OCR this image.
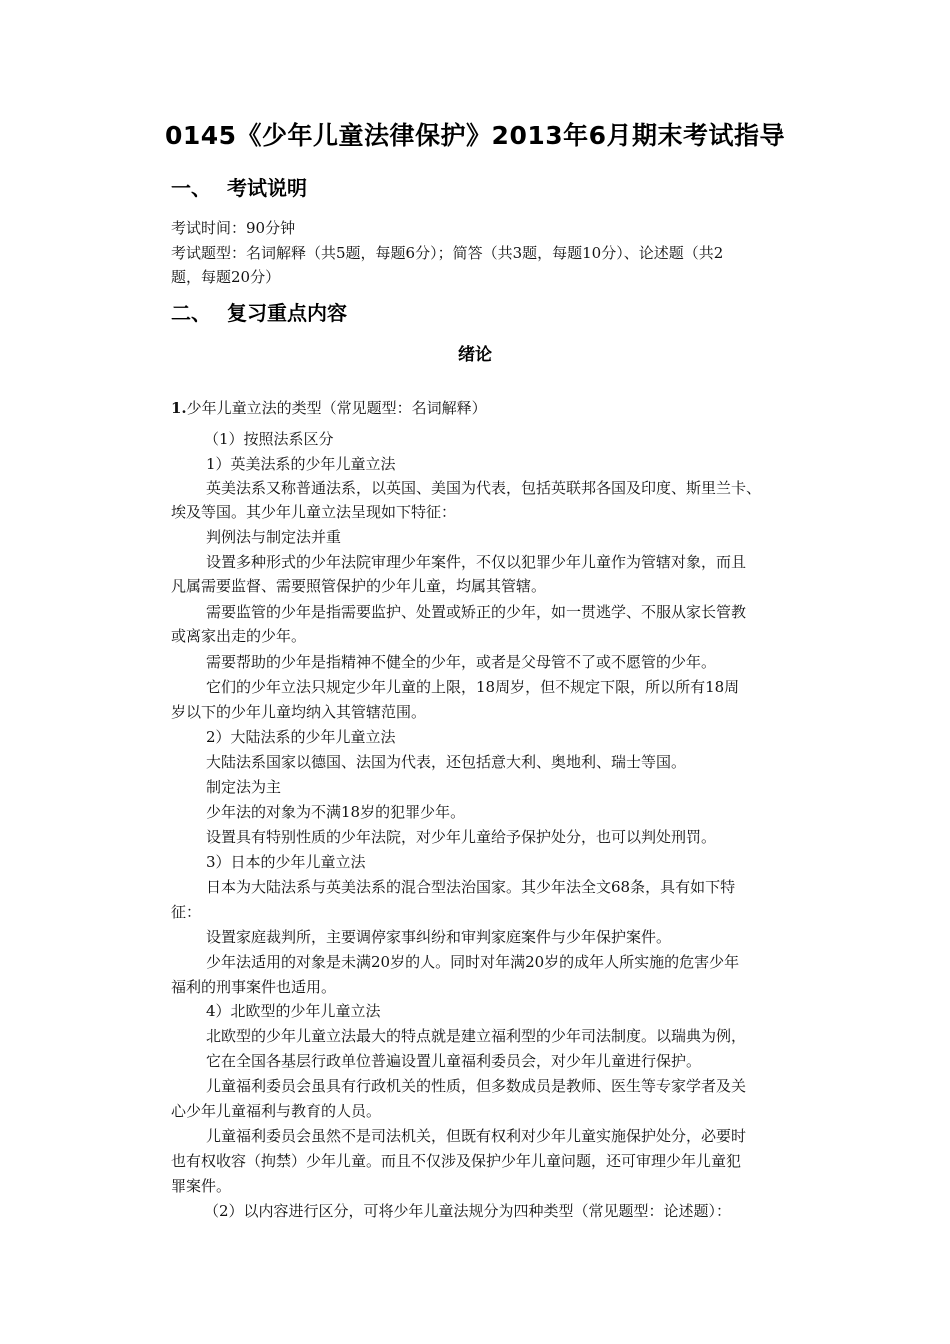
0145《少年儿童法律保护》2013年6月期末考试指导
一、 考试说明
考试时间：90分钟
考试题型：名词解释（共5题，每题6分）；简答（共3题，每题10分）、论述题（共2
题，每题20分）
二、 复习重点内容
绪论
1.少年儿童立法的类型（常见题型：名词解释）
（1）按照法系区分
1）英美法系的少年儿童立法
英美法系又称普通法系，以英国、美国为代表，包括英联邦各国及印度、斯里兰卡、
埃及等国。其少年儿童立法呈现如下特征：
判例法与制定法并重
设置多种形式的少年法院审理少年案件，不仅以犯罪少年儿童作为管辖对象，而且
凡属需要监督、需要照管保护的少年儿童，均属其管辖。
需要监管的少年是指需要监护、处置或矫正的少年，如一贯逃学、不服从家长管教
或离家出走的少年。
需要帮助的少年是指精神不健全的少年，或者是父母管不了或不愿管的少年。
它们的少年立法只规定少年儿童的上限，18周岁，但不规定下限，所以所有18周
岁以下的少年儿童均纳入其管辖范围。
2）大陆法系的少年儿童立法
大陆法系国家以德国、法国为代表，还包括意大利、奥地利、瑞士等国。
制定法为主
少年法的对象为不满18岁的犯罪少年。
设置具有特别性质的少年法院，对少年儿童给予保护处分，也可以判处刑罚。
3）日本的少年儿童立法
日本为大陆法系与英美法系的混合型法治国家。其少年法全文68条，具有如下特
征：
设置家庭裁判所，主要调停家事纠纷和审判家庭案件与少年保护案件。
少年法适用的对象是未满20岁的人。同时对年满20岁的成年人所实施的危害少年
福利的刑事案件也适用。
4）北欧型的少年儿童立法
北欧型的少年儿童立法最大的特点就是建立福利型的少年司法制度。以瑞典为例，
它在全国各基层行政单位普遍设置儿童福利委员会，对少年儿童进行保护。
儿童福利委员会虽具有行政机关的性质，但多数成员是教师、医生等专家学者及关
心少年儿童福利与教育的人员。
儿童福利委员会虽然不是司法机关，但既有权利对少年儿童实施保护处分，必要时
也有权收容（拘禁）少年儿童。而且不仅涉及保护少年儿童问题，还可审理少年儿童犯
罪案件。
（2）以内容进行区分，可将少年儿童法规分为四种类型（常见题型：论述题）：
